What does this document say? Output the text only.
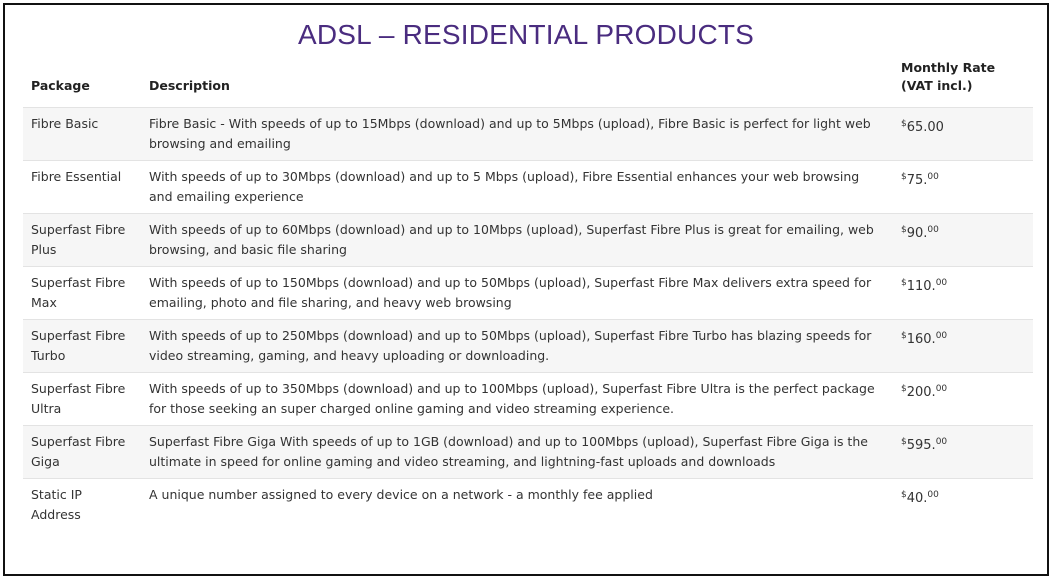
ADSL – RESIDENTIAL PRODUCTS
Package	Description	Monthly Rate
(VAT incl.)
Fibre Basic	Fibre Basic - With speeds of up to 15Mbps (download) and up to 5Mbps (upload), Fibre Basic is perfect for light web browsing and emailing	$65.00
Fibre Essential	With speeds of up to 30Mbps (download) and up to 5 Mbps (upload), Fibre Essential enhances your web browsing and emailing experience	$75.00
Superfast Fibre Plus	With speeds of up to 60Mbps (download) and up to 10Mbps (upload), Superfast Fibre Plus is great for emailing, web browsing, and basic file sharing	$90.00
Superfast Fibre Max	With speeds of up to 150Mbps (download) and up to 50Mbps (upload), Superfast Fibre Max delivers extra speed for emailing, photo and file sharing, and heavy web browsing	$110.00
Superfast Fibre Turbo	With speeds of up to 250Mbps (download) and up to 50Mbps (upload), Superfast Fibre Turbo has blazing speeds for video streaming, gaming, and heavy uploading or downloading.	$160.00
Superfast Fibre Ultra	With speeds of up to 350Mbps (download) and up to 100Mbps (upload), Superfast Fibre Ultra is the perfect package for those seeking an super charged online gaming and video streaming experience.	$200.00
Superfast Fibre Giga	Superfast Fibre Giga With speeds of up to 1GB (download) and up to 100Mbps (upload), Superfast Fibre Giga is the ultimate in speed for online gaming and video streaming, and lightning-fast uploads and downloads	$595.00
Static IP Address	A unique number assigned to every device on a network - a monthly fee applied	$40.00
